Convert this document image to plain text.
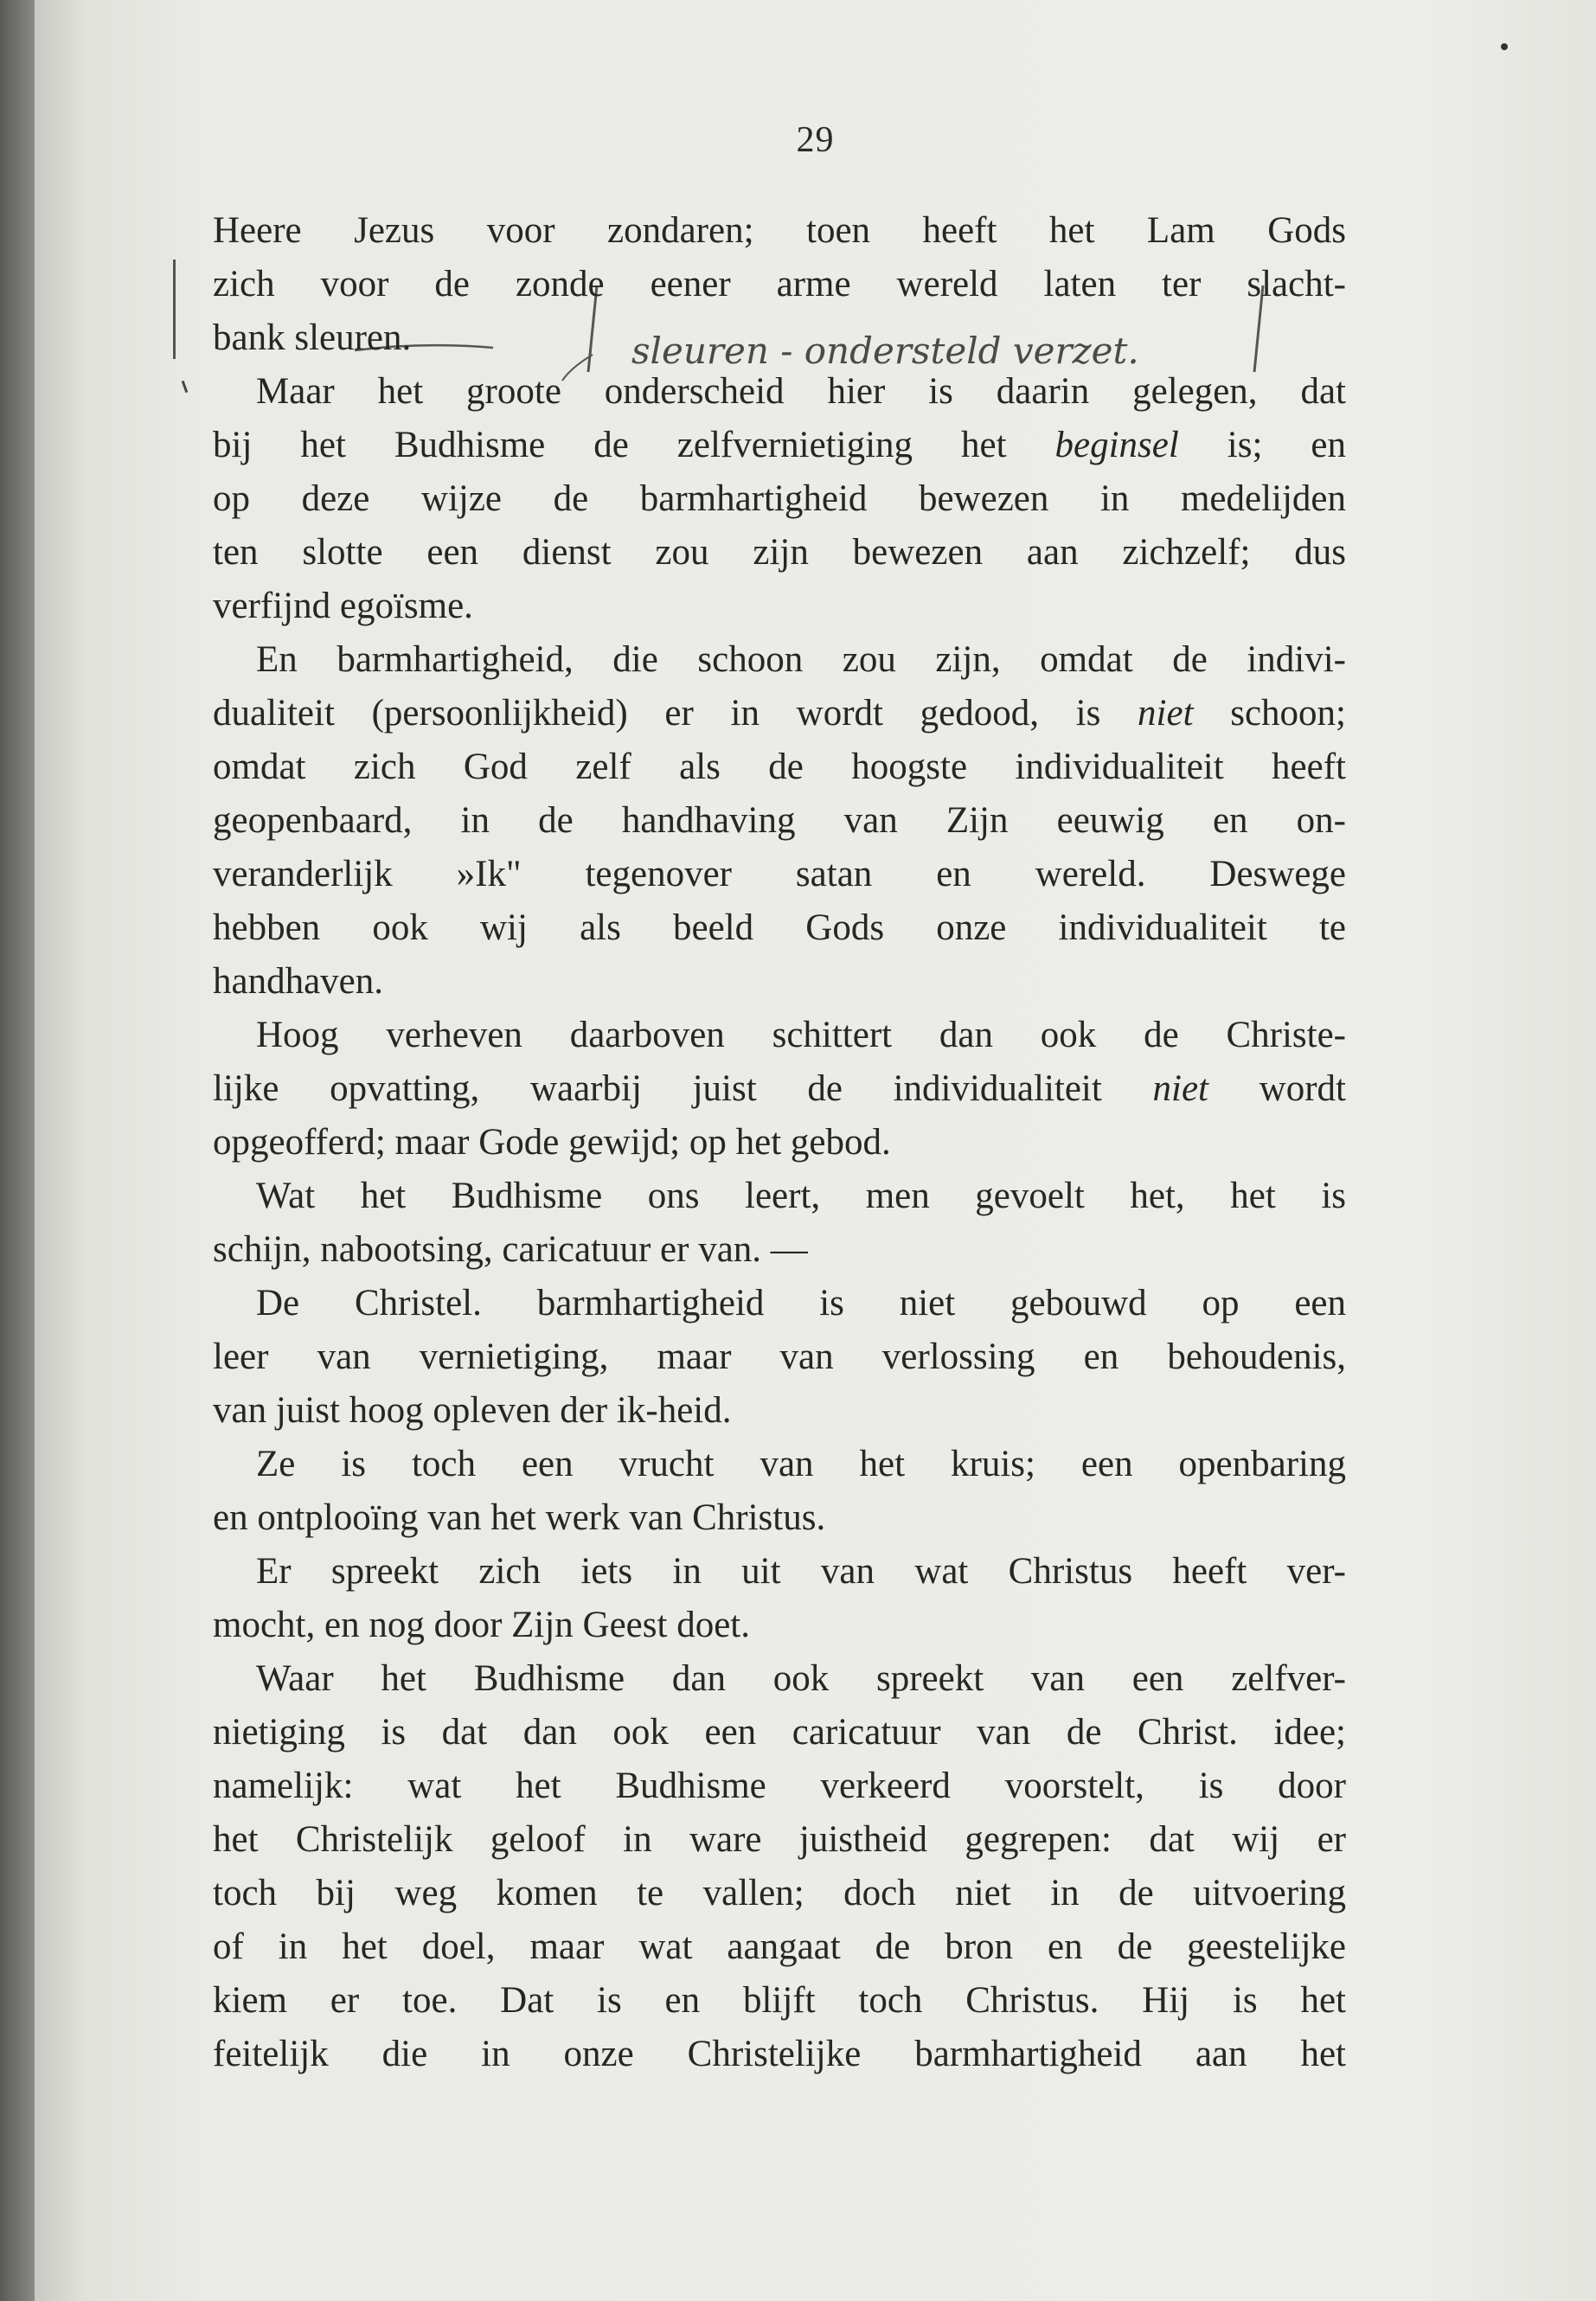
29
sleuren - ondersteld verzet.
Heere Jezus voor zondaren; toen heeft het Lam Gods
zich voor de zonde eener arme wereld laten ter slacht-
bank sleuren.
Maar het groote onderscheid hier is daarin gelegen, dat
bij het Budhisme de zelfvernietiging het beginsel is; en
op deze wijze de barmhartigheid bewezen in medelijden
ten slotte een dienst zou zijn bewezen aan zichzelf; dus
verfijnd egoïsme.
En barmhartigheid, die schoon zou zijn, omdat de indivi-
dualiteit (persoonlijkheid) er in wordt gedood, is niet schoon;
omdat zich God zelf als de hoogste individualiteit heeft
geopenbaard, in de handhaving van Zijn eeuwig en on-
veranderlijk »Ik" tegenover satan en wereld. Deswege
hebben ook wij als beeld Gods onze individualiteit te
handhaven.
Hoog verheven daarboven schittert dan ook de Christe-
lijke opvatting, waarbij juist de individualiteit niet wordt
opgeofferd; maar Gode gewijd; op het gebod.
Wat het Budhisme ons leert, men gevoelt het, het is
schijn, nabootsing, caricatuur er van. —
De Christel. barmhartigheid is niet gebouwd op een
leer van vernietiging, maar van verlossing en behoudenis,
van juist hoog opleven der ik-heid.
Ze is toch een vrucht van het kruis; een openbaring
en ontplooïng van het werk van Christus.
Er spreekt zich iets in uit van wat Christus heeft ver-
mocht, en nog door Zijn Geest doet.
Waar het Budhisme dan ook spreekt van een zelfver-
nietiging is dat dan ook een caricatuur van de Christ. idee;
namelijk: wat het Budhisme verkeerd voorstelt, is door
het Christelijk geloof in ware juistheid gegrepen: dat wij er
toch bij weg komen te vallen; doch niet in de uitvoering
of in het doel, maar wat aangaat de bron en de geestelijke
kiem er toe. Dat is en blijft toch Christus. Hij is het
feitelijk die in onze Christelijke barmhartigheid aan het
